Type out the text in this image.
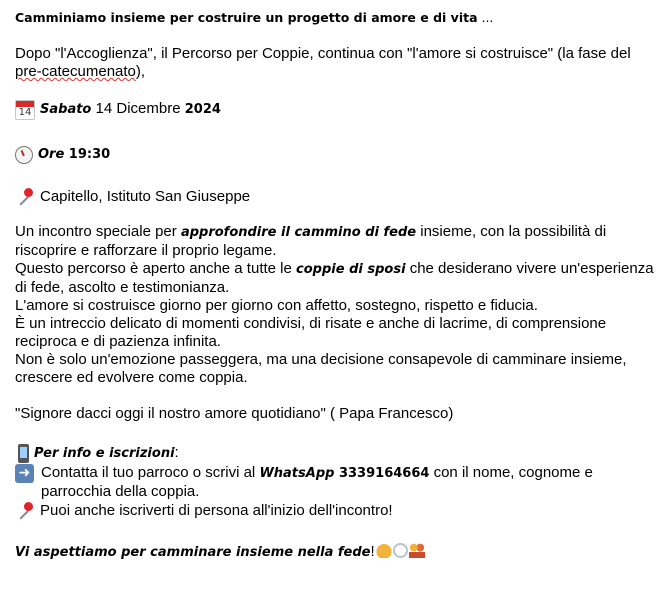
Camminiamo insieme per costruire un progetto di amore e di vita ...

Dopo "l'Accoglienza", il Percorso per Coppie, continua con "l'amore si costruisce" (la fase del pre-catecumenato),

14 Sabato 14 Dicembre 2024
Ore 19:30
Capitello, Istituto San Giuseppe

Un incontro speciale per approfondire il cammino di fede insieme, con la possibilità di riscoprire e rafforzare il proprio legame.

Questo percorso è aperto anche a tutte le coppie di sposi che desiderano vivere un'esperienza di fede, ascolto e testimonianza.

L'amore si costruisce giorno per giorno con affetto, sostegno, rispetto e fiducia.

È un intreccio delicato di momenti condivisi, di risate e anche di lacrime, di comprensione reciproca e di pazienza infinita.

Non è solo un'emozione passeggera, ma una decisione consapevole di camminare insieme, crescere ed evolvere come coppia.

"Signore dacci oggi il nostro amore quotidiano" ( Papa Francesco)

Per info e iscrizioni:

➜ Contatta il tuo parroco o scrivi al WhatsApp 3339164664 con il nome, cognome e parrocchia della coppia.

Puoi anche iscriverti di persona all'inizio dell'incontro!

Vi aspettiamo per camminare insieme nella fede!
